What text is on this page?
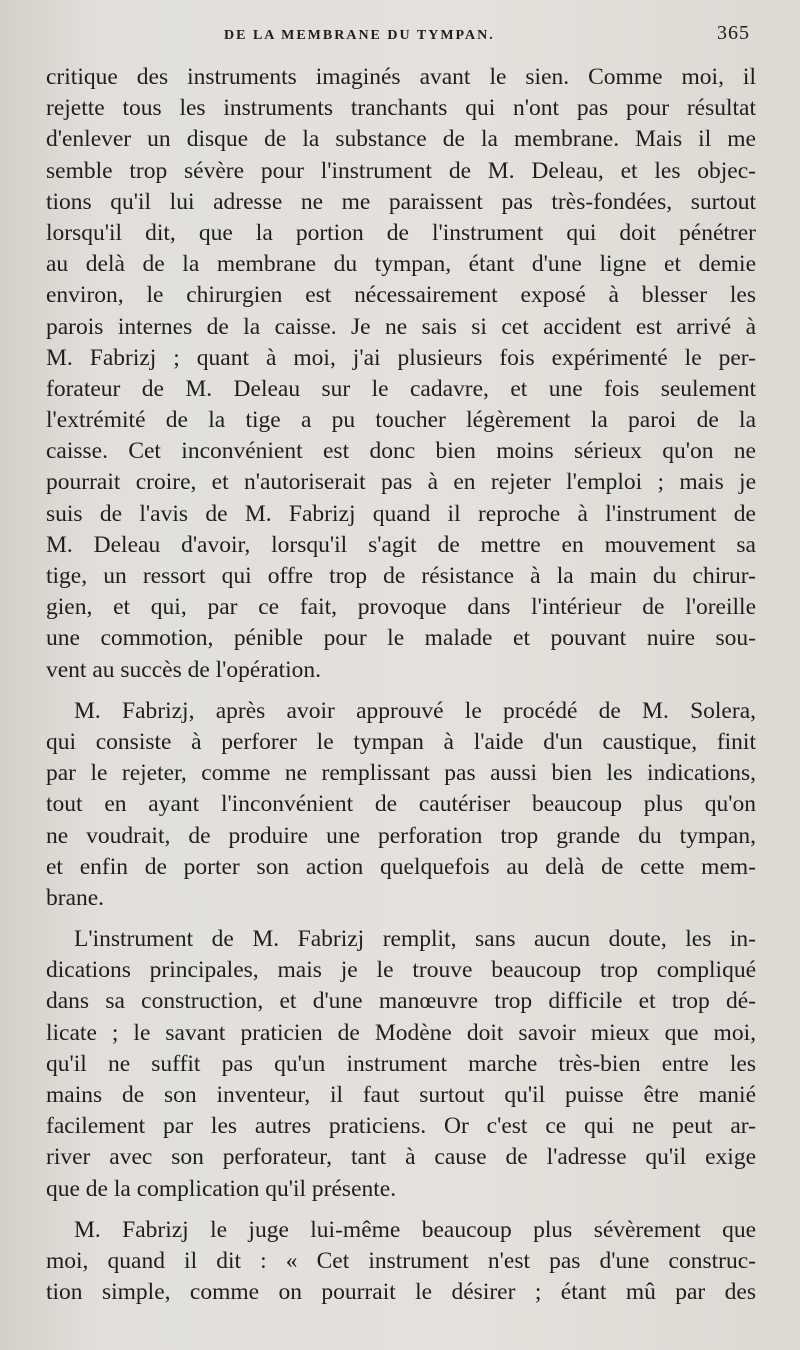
DE LA MEMBRANE DU TYMPAN.	365
critique des instruments imaginés avant le sien. Comme moi, il
rejette tous les instruments tranchants qui n'ont pas pour résultat
d'enlever un disque de la substance de la membrane. Mais il me
semble trop sévère pour l'instrument de M. Deleau, et les objec-
tions qu'il lui adresse ne me paraissent pas très-fondées, surtout
lorsqu'il dit, que la portion de l'instrument qui doit pénétrer
au delà de la membrane du tympan, étant d'une ligne et demie
environ, le chirurgien est nécessairement exposé à blesser les
parois internes de la caisse. Je ne sais si cet accident est arrivé à
M. Fabrizj ; quant à moi, j'ai plusieurs fois expérimenté le per-
forateur de M. Deleau sur le cadavre, et une fois seulement
l'extrémité de la tige a pu toucher légèrement la paroi de la
caisse. Cet inconvénient est donc bien moins sérieux qu'on ne
pourrait croire, et n'autoriserait pas à en rejeter l'emploi ; mais je
suis de l'avis de M. Fabrizj quand il reproche à l'instrument de
M. Deleau d'avoir, lorsqu'il s'agit de mettre en mouvement sa
tige, un ressort qui offre trop de résistance à la main du chirur-
gien, et qui, par ce fait, provoque dans l'intérieur de l'oreille
une commotion, pénible pour le malade et pouvant nuire sou-
vent au succès de l'opération.
M. Fabrizj, après avoir approuvé le procédé de M. Solera,
qui consiste à perforer le tympan à l'aide d'un caustique, finit
par le rejeter, comme ne remplissant pas aussi bien les indications,
tout en ayant l'inconvénient de cautériser beaucoup plus qu'on
ne voudrait, de produire une perforation trop grande du tympan,
et enfin de porter son action quelquefois au delà de cette mem-
brane.
L'instrument de M. Fabrizj remplit, sans aucun doute, les in-
dications principales, mais je le trouve beaucoup trop compliqué
dans sa construction, et d'une manœuvre trop difficile et trop dé-
licate ; le savant praticien de Modène doit savoir mieux que moi,
qu'il ne suffit pas qu'un instrument marche très-bien entre les
mains de son inventeur, il faut surtout qu'il puisse être manié
facilement par les autres praticiens. Or c'est ce qui ne peut ar-
river avec son perforateur, tant à cause de l'adresse qu'il exige
que de la complication qu'il présente.
M. Fabrizj le juge lui-même beaucoup plus sévèrement que
moi, quand il dit : « Cet instrument n'est pas d'une construc-
tion simple, comme on pourrait le désirer ; étant mû par des
